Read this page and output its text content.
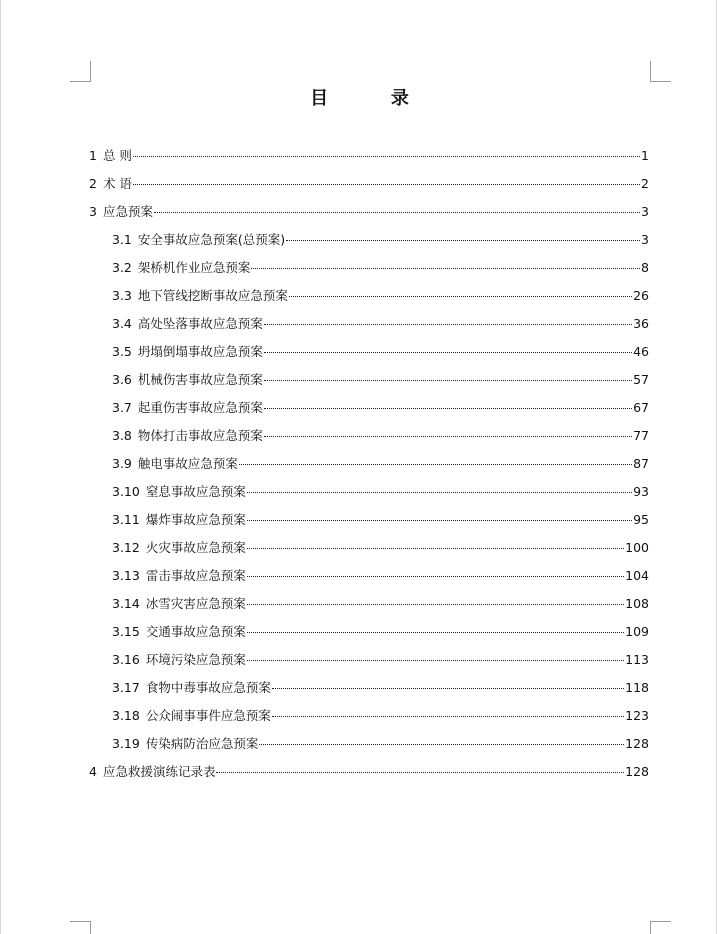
目          录
1 总 则	1
2 术 语	2
3 应急预案	3
3.1 安全事故应急预案(总预案)	3
3.2 架桥机作业应急预案	8
3.3 地下管线挖断事故应急预案	26
3.4 高处坠落事故应急预案	36
3.5 坍塌倒塌事故应急预案	46
3.6 机械伤害事故应急预案	57
3.7 起重伤害事故应急预案	67
3.8 物体打击事故应急预案	77
3.9 触电事故应急预案	87
3.10 窒息事故应急预案	93
3.11 爆炸事故应急预案	95
3.12 火灾事故应急预案	100
3.13 雷击事故应急预案	104
3.14 冰雪灾害应急预案	108
3.15 交通事故应急预案	109
3.16 环境污染应急预案	113
3.17 食物中毒事故应急预案	118
3.18 公众闹事事件应急预案	123
3.19 传染病防治应急预案	128
4 应急救援演练记录表	128
